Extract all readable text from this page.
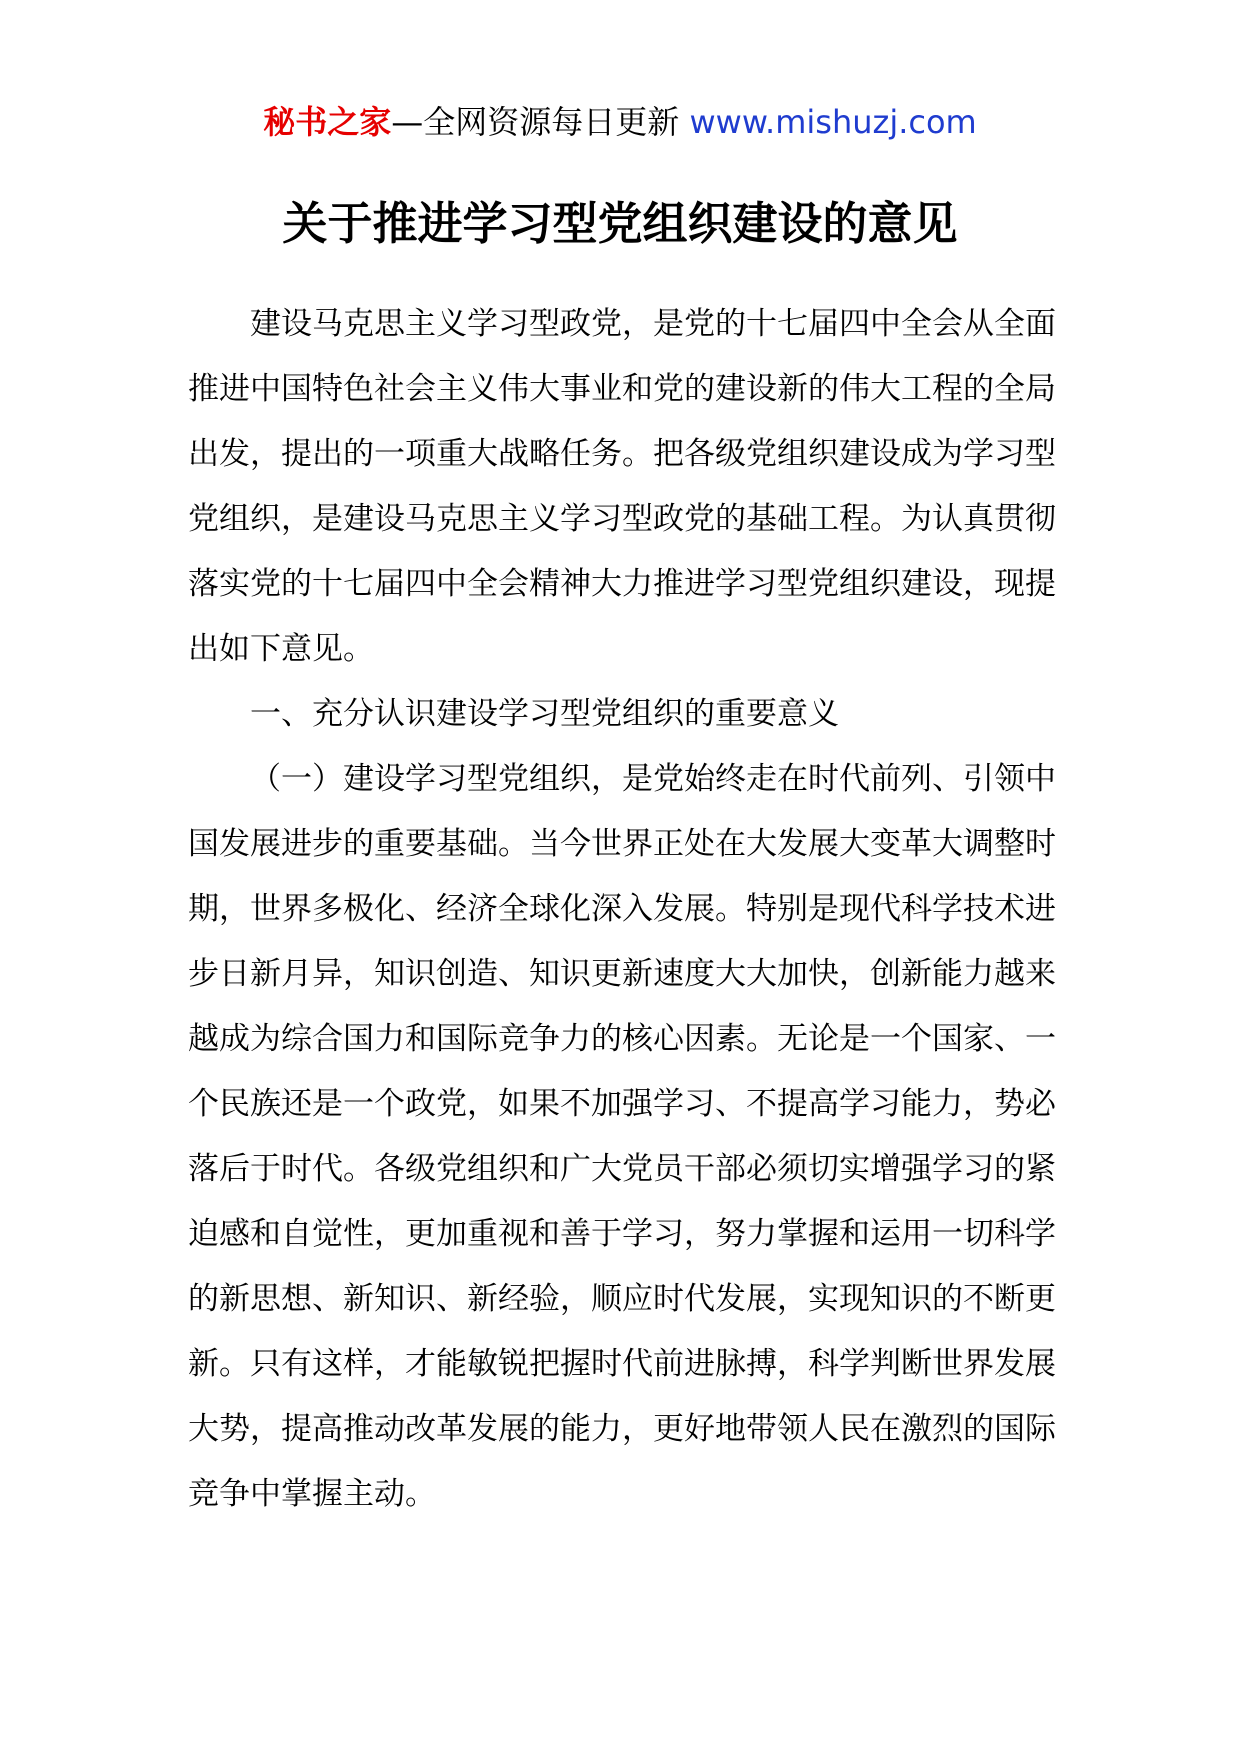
秘书之家—全网资源每日更新 www.mishuzj.com
关于推进学习型党组织建设的意见

建设马克思主义学习型政党，是党的十七届四中全会从全面推进中国特色社会主义伟大事业和党的建设新的伟大工程的全局出发，提出的一项重大战略任务。把各级党组织建设成为学习型党组织，是建设马克思主义学习型政党的基础工程。为认真贯彻落实党的十七届四中全会精神大力推进学习型党组织建设，现提出如下意见。

一、充分认识建设学习型党组织的重要意义

（一）建设学习型党组织，是党始终走在时代前列、引领中国发展进步的重要基础。当今世界正处在大发展大变革大调整时期，世界多极化、经济全球化深入发展。特别是现代科学技术进步日新月异，知识创造、知识更新速度大大加快，创新能力越来越成为综合国力和国际竞争力的核心因素。无论是一个国家、一个民族还是一个政党，如果不加强学习、不提高学习能力，势必落后于时代。各级党组织和广大党员干部必须切实增强学习的紧迫感和自觉性，更加重视和善于学习，努力掌握和运用一切科学的新思想、新知识、新经验，顺应时代发展，实现知识的不断更新。只有这样，才能敏锐把握时代前进脉搏，科学判断世界发展大势，提高推动改革发展的能力，更好地带领人民在激烈的国际竞争中掌握主动。
